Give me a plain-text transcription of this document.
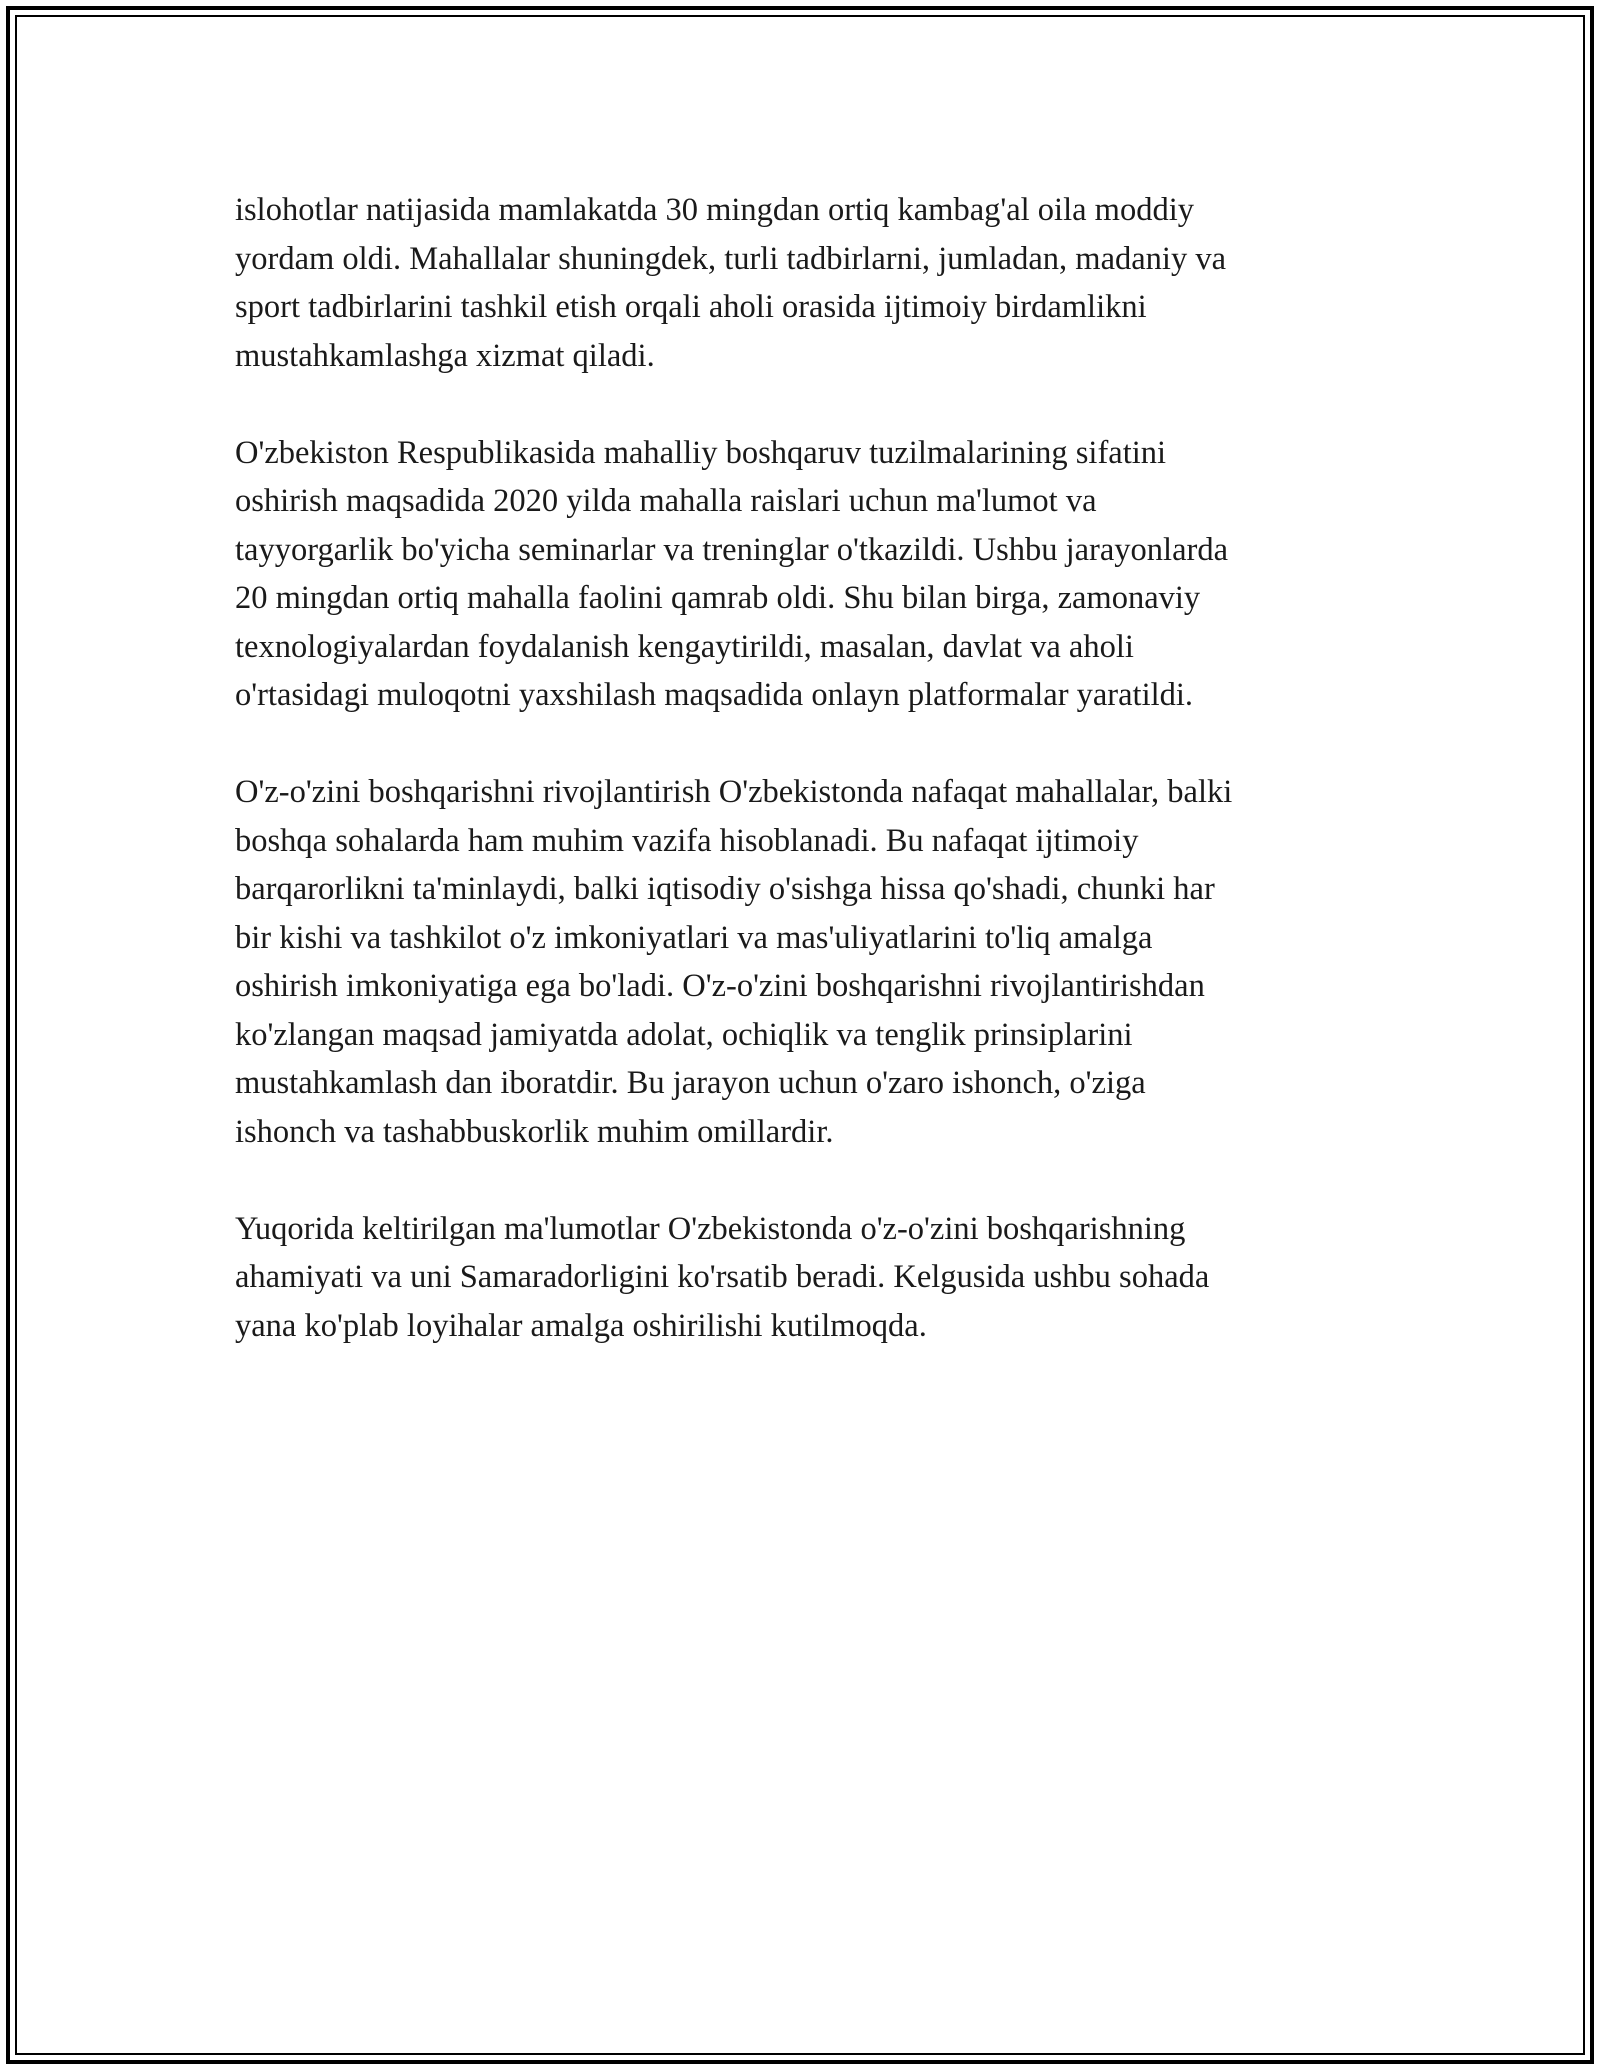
islohotlar natijasida mamlakatda 30 mingdan ortiq kambag'al oila moddiy
yordam oldi. Mahallalar shuningdek, turli tadbirlarni, jumladan, madaniy va
sport tadbirlarini tashkil etish orqali aholi orasida ijtimoiy birdamlikni
mustahkamlashga xizmat qiladi.

O'zbekiston Respublikasida mahalliy boshqaruv tuzilmalarining sifatini
oshirish maqsadida 2020 yilda mahalla raislari uchun ma'lumot va
tayyorgarlik bo'yicha seminarlar va treninglar o'tkazildi. Ushbu jarayonlarda
20 mingdan ortiq mahalla faolini qamrab oldi. Shu bilan birga, zamonaviy
texnologiyalardan foydalanish kengaytirildi, masalan, davlat va aholi
o'rtasidagi muloqotni yaxshilash maqsadida onlayn platformalar yaratildi.

O'z-o'zini boshqarishni rivojlantirish O'zbekistonda nafaqat mahallalar, balki
boshqa sohalarda ham muhim vazifa hisoblanadi. Bu nafaqat ijtimoiy
barqarorlikni ta'minlaydi, balki iqtisodiy o'sishga hissa qo'shadi, chunki har
bir kishi va tashkilot o'z imkoniyatlari va mas'uliyatlarini to'liq amalga
oshirish imkoniyatiga ega bo'ladi. O'z-o'zini boshqarishni rivojlantirishdan
ko'zlangan maqsad jamiyatda adolat, ochiqlik va tenglik prinsiplarini
mustahkamlash dan iboratdir. Bu jarayon uchun o'zaro ishonch, o'ziga
ishonch va tashabbuskorlik muhim omillardir.

Yuqorida keltirilgan ma'lumotlar O'zbekistonda o'z-o'zini boshqarishning
ahamiyati va uni Samaradorligini ko'rsatib beradi. Kelgusida ushbu sohada
yana ko'plab loyihalar amalga oshirilishi kutilmoqda.
